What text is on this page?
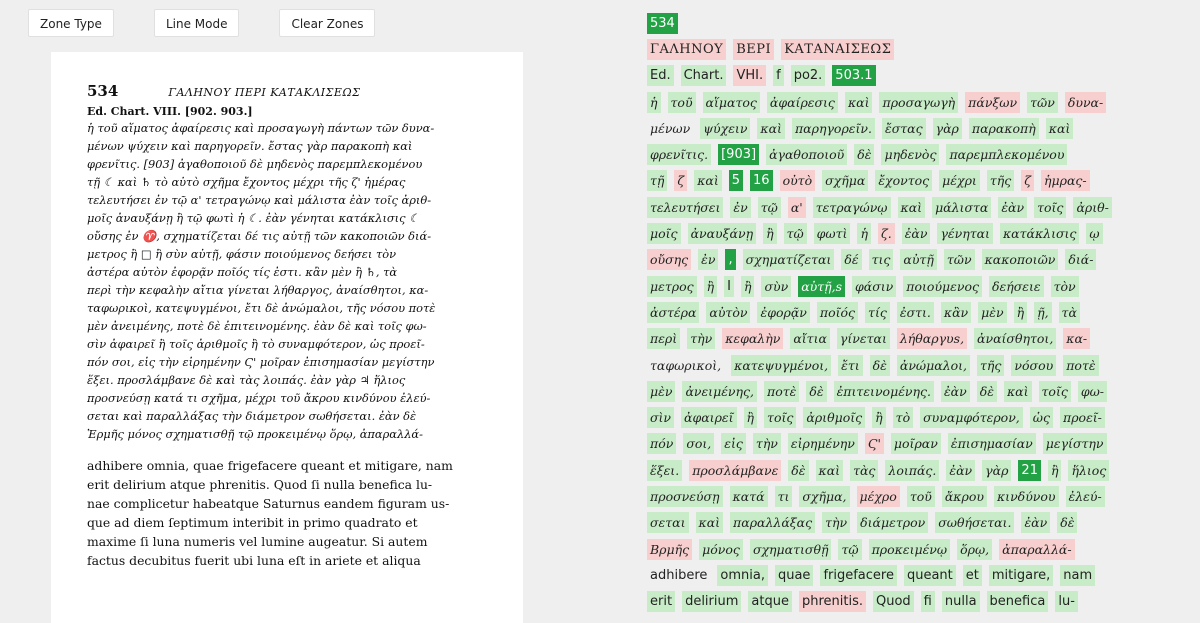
Zone Type	Line Mode	Clear Zones
534	ΓΑΛΗΝΟΥ ΠΕΡΙ ΚΑΤΑΚΛΙΣΕΩΣ
Ed. Chart. VIII. [902. 903.]
ἡ τοῦ αἵματος ἀφαίρεσις καὶ προσαγωγὴ πάντων τῶν δυνα-
μένων ψύχειν καὶ παρηγορεῖν. ἔστας γὰρ παρακοπὴ καὶ
φρενῖτις. [903] ἀγαθοποιοῦ δὲ μηδενὸς παρεμπλεκομένου
τῇ ☾ καὶ ♄ τὸ αὐτὸ σχῆμα ἔχοντος μέχρι τῆς ζ' ἡμέρας
τελευτήσει ἐν τῷ α' τετραγώνῳ καὶ μάλιστα ἐὰν τοῖς ἀριθ-
μοῖς ἀναυξάνῃ ἢ τῷ φωτὶ ἡ ☾. ἐὰν γένηται κατάκλισις ☾
οὔσης ἐν ♈, σχηματίζεται δέ τις αὐτῇ τῶν κακοποιῶν διά-
μετρος ἢ □ ἢ σὺν αὐτῇ, φάσιν ποιούμενος δεήσει τὸν
ἀστέρα αὐτὸν ἐφορᾷν ποῖός τίς ἐστι. κἂν μὲν ἢ ♄, τὰ
περὶ τὴν κεφαλὴν αἴτια γίνεται λήθαργος, ἀναίσθητοι, κα-
ταφωρικοὶ, κατεψυγμένοι, ἔτι δὲ ἀνώμαλοι, τῆς νόσου ποτὲ
μὲν ἀνειμένης, ποτὲ δὲ ἐπιτεινομένης. ἐὰν δὲ καὶ τοῖς φω-
σὶν ἀφαιρεῖ ἢ τοῖς ἀριθμοῖς ἢ τὸ συναμφότερον, ὡς προεῖ-
πόν σοι, εἰς τὴν εἰρημένην Ϛ' μοῖραν ἐπισημασίαν μεγίστην
ἕξει. προσλάμβανε δὲ καὶ τὰς λοιπάς. ἐὰν γὰρ ♃ ἥλιος
προσνεύσῃ κατά τι σχῆμα, μέχρι τοῦ ἄκρου κινδύνου ἐλεύ-
σεται καὶ παραλλάξας τὴν διάμετρον σωθήσεται. ἐὰν δὲ
Ἑρμῆς μόνος σχηματισθῇ τῷ προκειμένῳ ὅρῳ, ἀπαραλλά-
adhibere omnia, quae frigefacere queant et mitigare, nam
erit delirium atque phrenitis. Quod ſi nulla benefica lu-
nae complicetur habeatque Saturnus eandem figuram us-
que ad diem ſeptimum interibit in primo quadrato et
maxime ſi luna numeris vel lumine augeatur. Si autem
factus decubitus fuerit ubi luna eſt in ariete et aliqua
534
ΓΑΛΗΝΟΥ ΒΕΡΙ ΚΑΤΑΝΑΙΣΕΩΣ
Ed. Chart. VHI. f po2. 503.1
ἡ τοῦ αἵματος ἀφαίρεσις καὶ προσαγωγὴ πάνξων τῶν δυνα-
μένων ψύχειν καὶ παρηγορεῖν. ἔστας γὰρ παρακοπὴ καὶ
φρενῖτις. [903] ἀγαθοποιοῦ δὲ μηδενὸς παρεμπλεκομένου
τῇ ζ καὶ 5 16 οὐτὸ σχῆμα ἔχοντος μέχρι τῆς ζ ἡμρας-
τελευτήσει ἐν τῷ α' τετραγώνῳ καὶ μάλιστα ἐὰν τοῖς ἀριθ-
μοῖς ἀναυξάνῃ ἢ τῷ φωτὶ ἡ ζ. ἐὰν γένηται κατάκλισις ῳ
οὔσης ἐν , σχηματίζεται δέ τις αὐτῇ τῶν κακοποιῶν διά-
μετρος ἢ I ἢ σὺν αὐτῇ,s φάσιν ποιούμενος δεήσειε τὸν
ἀστέρα αὐτὸν ἐφορᾷν ποῖός τίς ἐστι. κἂν μὲν ἢ ῇ, τὰ
περὶ τὴν κεφαλὴν αἴτια γίνεται λήθαργυs, ἀναίσθητοι, κα-
ταφωρικοὶ, κατεψυγμένοι, ἔτι δὲ ἀνώμαλοι, τῆς νόσου ποτὲ
μὲν ἀνειμένης, ποτὲ δὲ ἐπιτεινομένης. ἐὰν δὲ καὶ τοῖς φω-
σὶν ἀφαιρεῖ ἢ τοῖς ἀριθμοῖς ἢ τὸ συναμφότερον, ὡς προεῖ-
πόν σοι, εἰς τὴν εἰρημένην Ϛ' μοῖραν ἐπισημασίαν μεγίστην
ἕξει. προσλάμβανε δὲ καὶ τὰς λοιπάς. ἐὰν γὰρ 21 ἢ ἥλιος
προσνεύσῃ κατά τι σχῆμα, μέχρο τοῦ ἄκρου κινδύνου ἐλεύ-
σεται καὶ παραλλάξας τὴν διάμετρον σωθήσεται. ἐὰν δὲ
Βρμῆς μόνος σχηματισθῇ τῷ προκειμένῳ ὅρῳ, ἀπαραλλά-
adhibere omnia, quae frigefacere queant et mitigare, nam
erit delirium atque phrenitis. Quod fi nulla benefica lu-
